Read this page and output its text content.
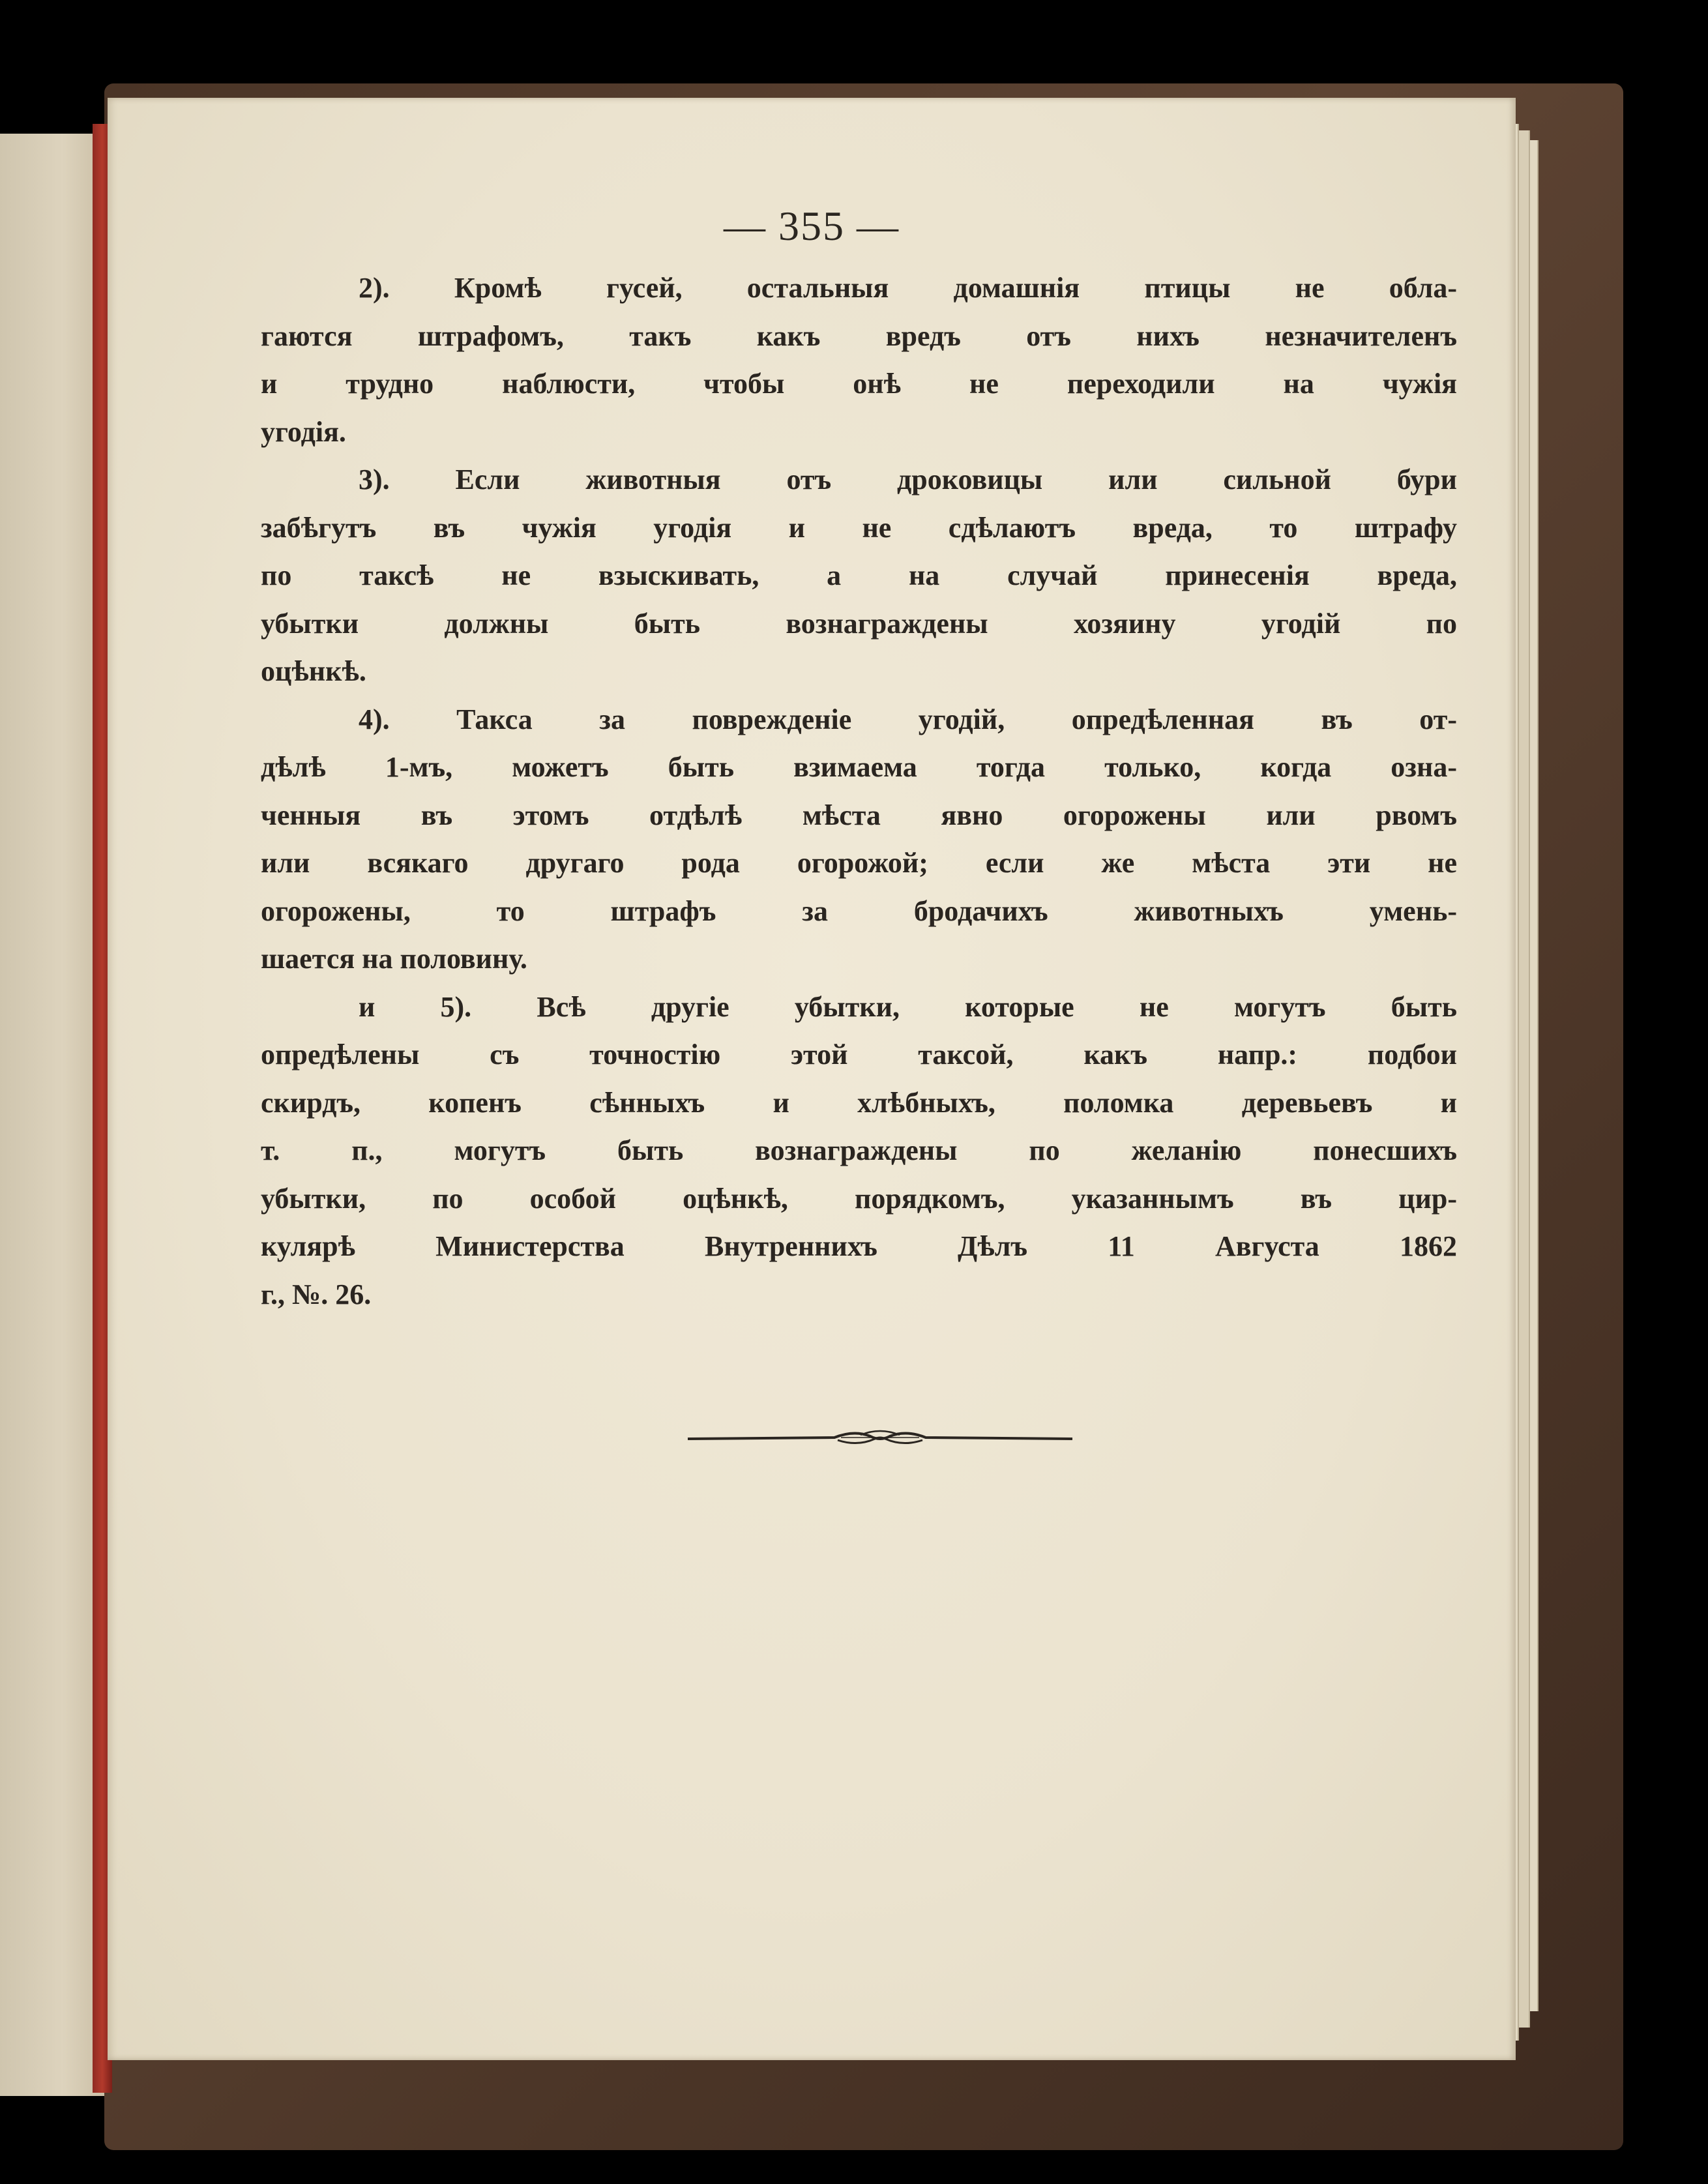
— 355 —
2). Кромѣ гусей, остальныя домашнія птицы не обла-
гаются штрафомъ, такъ какъ вредъ отъ нихъ незначителенъ
и трудно наблюсти, чтобы онѣ не переходили на чужія
угодія.
3). Если животныя отъ дроковицы или сильной бури
забѣгутъ въ чужія угодія и не сдѣлаютъ вреда, то штрафу
по таксѣ не взыскивать, а на случай принесенія вреда,
убытки должны быть вознаграждены хозяину угодій по
оцѣнкѣ.
4). Такса за поврежденіе угодій, опредѣленная въ от-
дѣлѣ 1-мъ, можетъ быть взимаема тогда только, когда озна-
ченныя въ этомъ отдѣлѣ мѣста явно огорожены или рвомъ
или всякаго другаго рода огорожой; если же мѣста эти не
огорожены, то штрафъ за бродачихъ животныхъ умень-
шается на половину.
и 5). Всѣ другіе убытки, которые не могутъ быть
опредѣлены съ точностію этой таксой, какъ напр.: подбои
скирдъ, копенъ сѣнныхъ и хлѣбныхъ, поломка деревьевъ и
т. п., могутъ быть вознаграждены по желанію понесшихъ
убытки, по особой оцѣнкѣ, порядкомъ, указаннымъ въ цир-
кулярѣ Министерства Внутреннихъ Дѣлъ 11 Августа 1862
г., №. 26.
